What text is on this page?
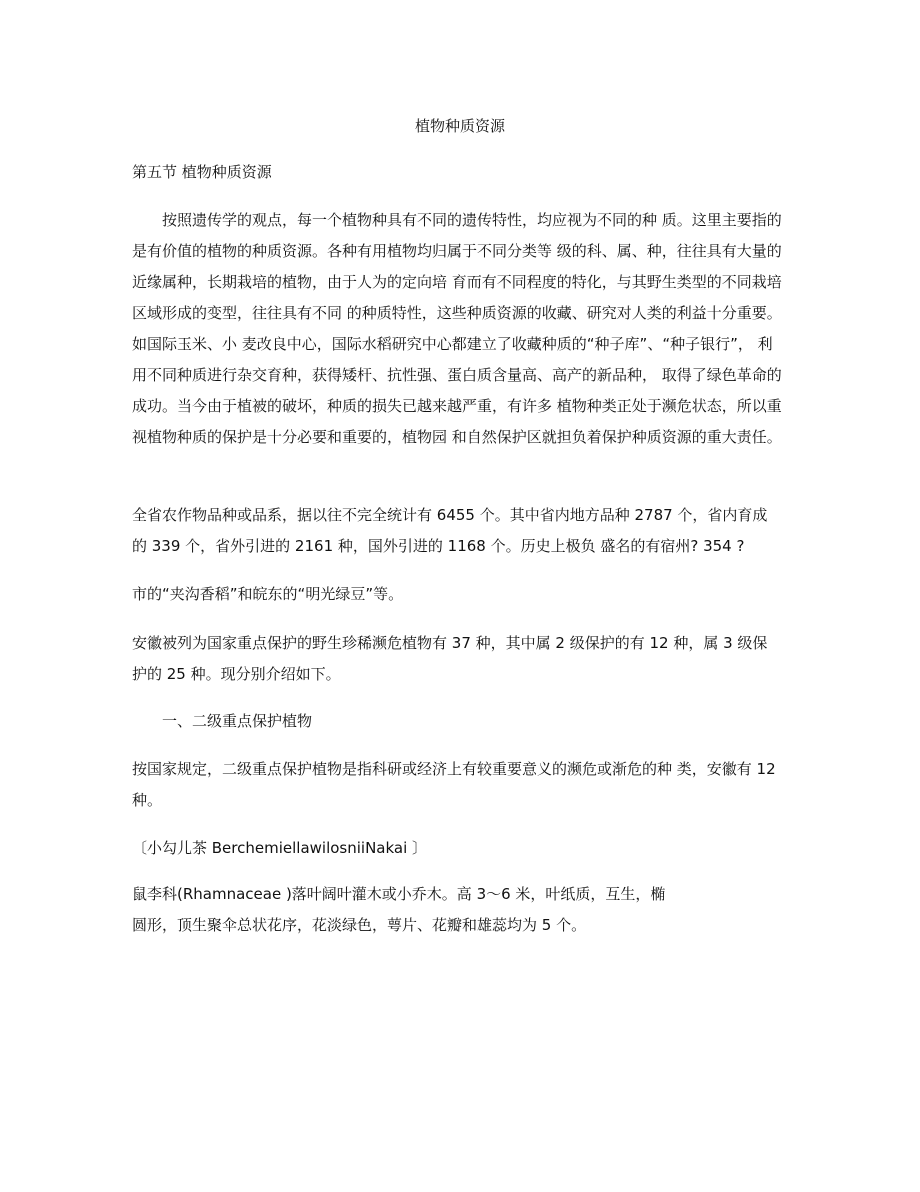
植物种质资源

第五节 植物种质资源

按照遗传学的观点，每一个植物种具有不同的遗传特性，均应视为不同的种 质。这里主要指的是有价值的植物的种质资源。各种有用植物均归属于不同分类等 级的科、属、种，往往具有大量的近缘属种，长期栽培的植物，由于人为的定向培 育而有不同程度的特化，与其野生类型的不同栽培区域形成的变型，往往具有不同 的种质特性，这些种质资源的收藏、研究对人类的利益十分重要。如国际玉米、小 麦改良中心，国际水稻研究中心都建立了收藏种质的“种子库”、“种子银行”， 利用不同种质进行杂交育种，获得矮杆、抗性强、蛋白质含量高、高产的新品种， 取得了绿色革命的成功。当今由于植被的破坏，种质的损失已越来越严重，有许多 植物种类正处于濒危状态，所以重视植物种质的保护是十分必要和重要的，植物园 和自然保护区就担负着保护种质资源的重大责任。

全省农作物品种或品系，据以往不完全统计有 6455 个。其中省内地方品种 2787 个，省内育成的 339 个，省外引进的 2161 种，国外引进的 1168 个。历史上极负 盛名的有宿州? 354 ?

市的“夹沟香稻”和皖东的“明光绿豆”等。

安徽被列为国家重点保护的野生珍稀濒危植物有 37 种，其中属 2 级保护的有 12 种，属 3 级保护的 25 种。现分别介绍如下。

一、二级重点保护植物

按国家规定，二级重点保护植物是指科研或经济上有较重要意义的濒危或渐危的种 类，安徽有 12 种。

〔小勾儿茶 BerchemiellawilosniiNakai 〕

鼠李科(Rhamnaceae )落叶阔叶灌木或小乔木。高 3〜6 米，叶纸质，互生，椭

圆形，顶生聚伞总状花序，花淡绿色，萼片、花瓣和雄蕊均为 5 个。
